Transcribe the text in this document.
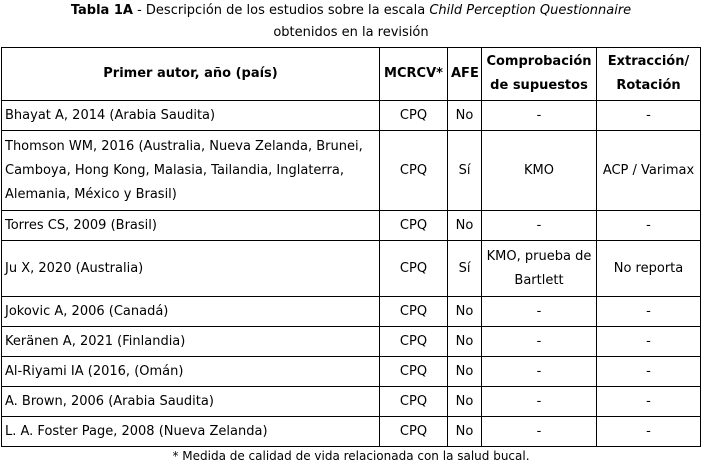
Tabla 1A - Descripción de los estudios sobre la escala Child Perception Questionnaire
obtenidos en la revisión
Primer autor, año (país)	MCRCV*	AFE	Comprobación de supuestos	Extracción/ Rotación
Bhayat A, 2014 (Arabia Saudita)	CPQ	No	-	-
Thomson WM, 2016 (Australia, Nueva Zelanda, Brunei, Camboya, Hong Kong, Malasia, Tailandia, Inglaterra, Alemania, México y Brasil)	CPQ	Sí	KMO	ACP / Varimax
Torres CS, 2009 (Brasil)	CPQ	No	-	-
Ju X, 2020 (Australia)	CPQ	Sí	KMO, prueba de Bartlett	No reporta
Jokovic A, 2006 (Canadá)	CPQ	No	-	-
Keränen A, 2021 (Finlandia)	CPQ	No	-	-
Al-Riyami IA (2016, (Omán)	CPQ	No	-	-
A. Brown, 2006 (Arabia Saudita)	CPQ	No	-	-
L. A. Foster Page, 2008 (Nueva Zelanda)	CPQ	No	-	-
* Medida de calidad de vida relacionada con la salud bucal.
